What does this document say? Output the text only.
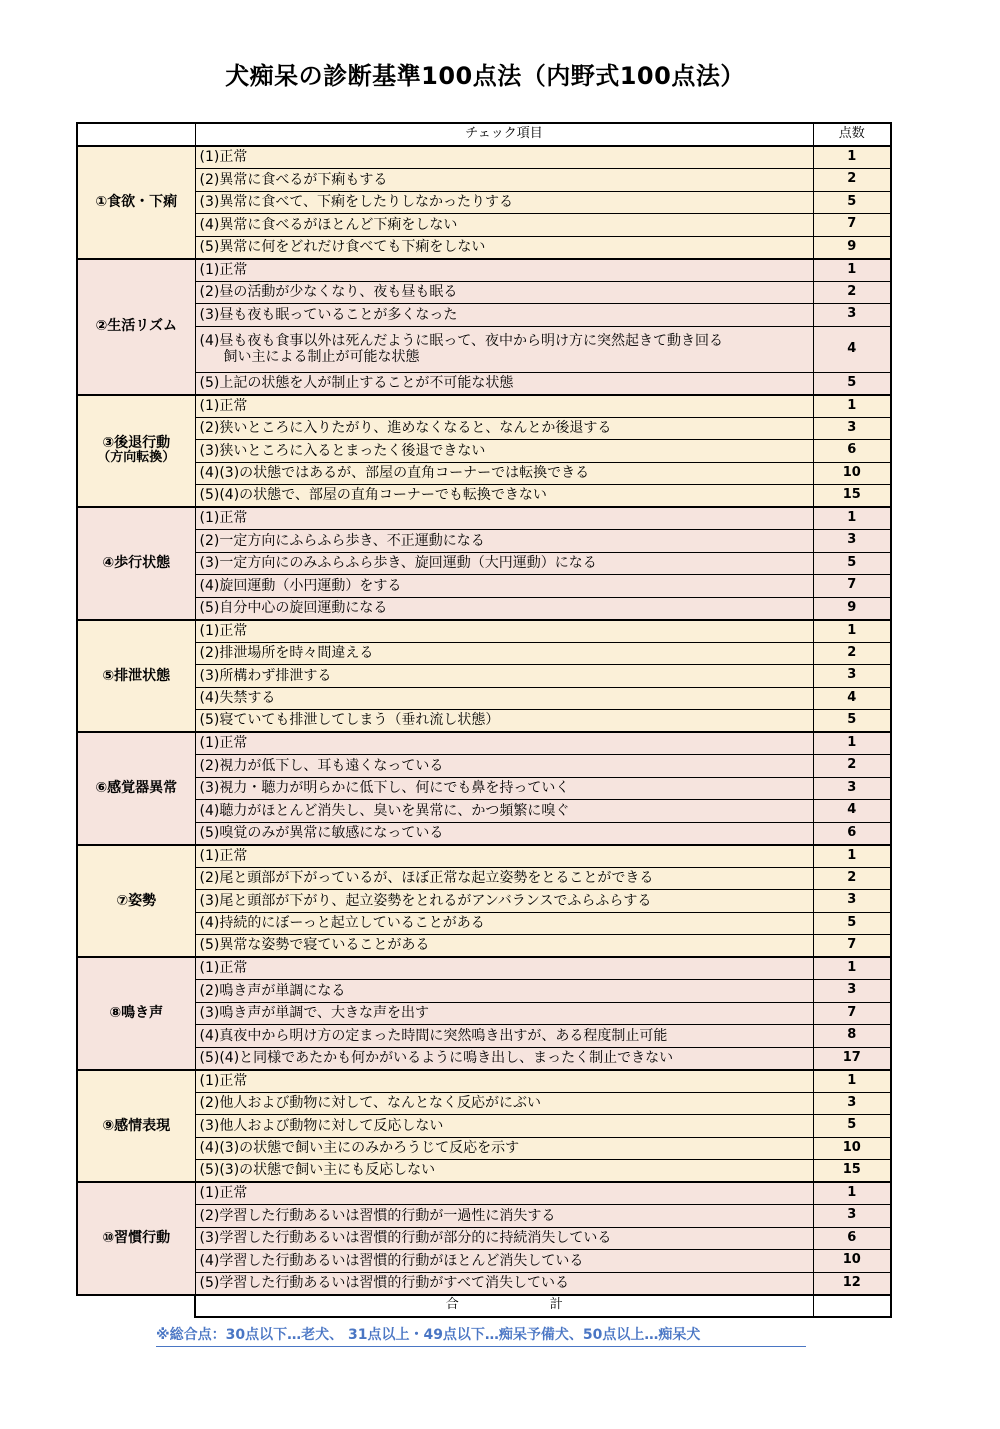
犬痴呆の診断基準100点法（内野式100点法）
	チェック項目	点数
①食欲・下痢	(1)正常	1
	(2)異常に食べるが下痢もする	2
	(3)異常に食べて、下痢をしたりしなかったりする	5
	(4)異常に食べるがほとんど下痢をしない	7
	(5)異常に何をどれだけ食べても下痢をしない	9
②生活リズム	(1)正常	1
	(2)昼の活動が少なくなり、夜も昼も眠る	2
	(3)昼も夜も眠っていることが多くなった	3
	(4)昼も夜も食事以外は死んだように眠って、夜中から明け方に突然起きて動き回る
飼い主による制止が可能な状態	4
	(5)上記の状態を人が制止することが不可能な状態	5
③後退行動
（方向転換）	(1)正常	1
	(2)狭いところに入りたがり、進めなくなると、なんとか後退する	3
	(3)狭いところに入るとまったく後退できない	6
	(4)(3)の状態ではあるが、部屋の直角コーナーでは転換できる	10
	(5)(4)の状態で、部屋の直角コーナーでも転換できない	15
④歩行状態	(1)正常	1
	(2)一定方向にふらふら歩き、不正運動になる	3
	(3)一定方向にのみふらふら歩き、旋回運動（大円運動）になる	5
	(4)旋回運動（小円運動）をする	7
	(5)自分中心の旋回運動になる	9
⑤排泄状態	(1)正常	1
	(2)排泄場所を時々間違える	2
	(3)所構わず排泄する	3
	(4)失禁する	4
	(5)寝ていても排泄してしまう（垂れ流し状態）	5
⑥感覚器異常	(1)正常	1
	(2)視力が低下し、耳も遠くなっている	2
	(3)視力・聴力が明らかに低下し、何にでも鼻を持っていく	3
	(4)聴力がほとんど消失し、臭いを異常に、かつ頻繁に嗅ぐ	4
	(5)嗅覚のみが異常に敏感になっている	6
⑦姿勢	(1)正常	1
	(2)尾と頭部が下がっているが、ほぼ正常な起立姿勢をとることができる	2
	(3)尾と頭部が下がり、起立姿勢をとれるがアンバランスでふらふらする	3
	(4)持続的にぼーっと起立していることがある	5
	(5)異常な姿勢で寝ていることがある	7
⑧鳴き声	(1)正常	1
	(2)鳴き声が単調になる	3
	(3)鳴き声が単調で、大きな声を出す	7
	(4)真夜中から明け方の定まった時間に突然鳴き出すが、ある程度制止可能	8
	(5)(4)と同様であたかも何かがいるように鳴き出し、まったく制止できない	17
⑨感情表現	(1)正常	1
	(2)他人および動物に対して、なんとなく反応がにぶい	3
	(3)他人および動物に対して反応しない	5
	(4)(3)の状態で飼い主にのみかろうじて反応を示す	10
	(5)(3)の状態で飼い主にも反応しない	15
⑩習慣行動	(1)正常	1
	(2)学習した行動あるいは習慣的行動が一過性に消失する	3
	(3)学習した行動あるいは習慣的行動が部分的に持続消失している	6
	(4)学習した行動あるいは習慣的行動がほとんど消失している	10
	(5)学習した行動あるいは習慣的行動がすべて消失している	12
	合　　　　　　　計	
※総合点：30点以下…老犬、 31点以上・49点以下…痴呆予備犬、50点以上…痴呆犬
